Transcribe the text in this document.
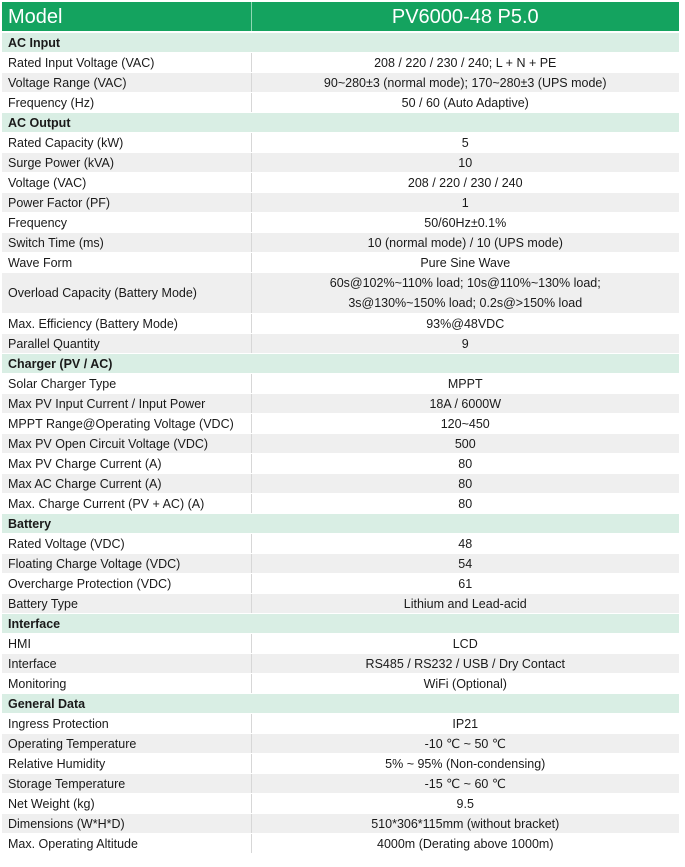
Model	PV6000-48 P5.0
AC Input	
Rated Input Voltage (VAC)	208 / 220 / 230 / 240; L + N + PE
Voltage Range (VAC)	90~280±3 (normal mode); 170~280±3 (UPS mode)
Frequency (Hz)	50 / 60 (Auto Adaptive)
AC Output	
Rated Capacity (kW)	5
Surge Power (kVA)	10
Voltage (VAC)	208 / 220 / 230 / 240
Power Factor (PF)	1
Frequency	50/60Hz±0.1%
Switch Time (ms)	10 (normal mode) / 10 (UPS mode)
Wave Form	Pure Sine Wave
Overload Capacity (Battery Mode)	60s@102%~110% load; 10s@110%~130% load;
3s@130%~150% load; 0.2s@>150% load

Max. Efficiency (Battery Mode)	93%@48VDC
Parallel Quantity	9
Charger (PV / AC)	
Solar Charger Type	MPPT
Max PV Input Current / Input Power	18A / 6000W
MPPT Range@Operating Voltage (VDC)	120~450
Max PV Open Circuit Voltage (VDC)	500
Max PV Charge Current (A)	80
Max AC Charge Current (A)	80
Max. Charge Current (PV + AC) (A)	80
Battery	
Rated Voltage (VDC)	48
Floating Charge Voltage (VDC)	54
Overcharge Protection (VDC)	61
Battery Type	Lithium and Lead-acid
Interface	
HMI	LCD
Interface	RS485 / RS232 / USB / Dry Contact
Monitoring	WiFi (Optional)
General Data	
Ingress Protection	IP21
Operating Temperature	-10 ℃ ~ 50 ℃
Relative Humidity	5% ~ 95% (Non-condensing)
Storage Temperature	-15 ℃ ~ 60 ℃
Net Weight (kg)	9.5
Dimensions (W*H*D)	510*306*115mm (without bracket)
Max. Operating Altitude	4000m (Derating above 1000m)
